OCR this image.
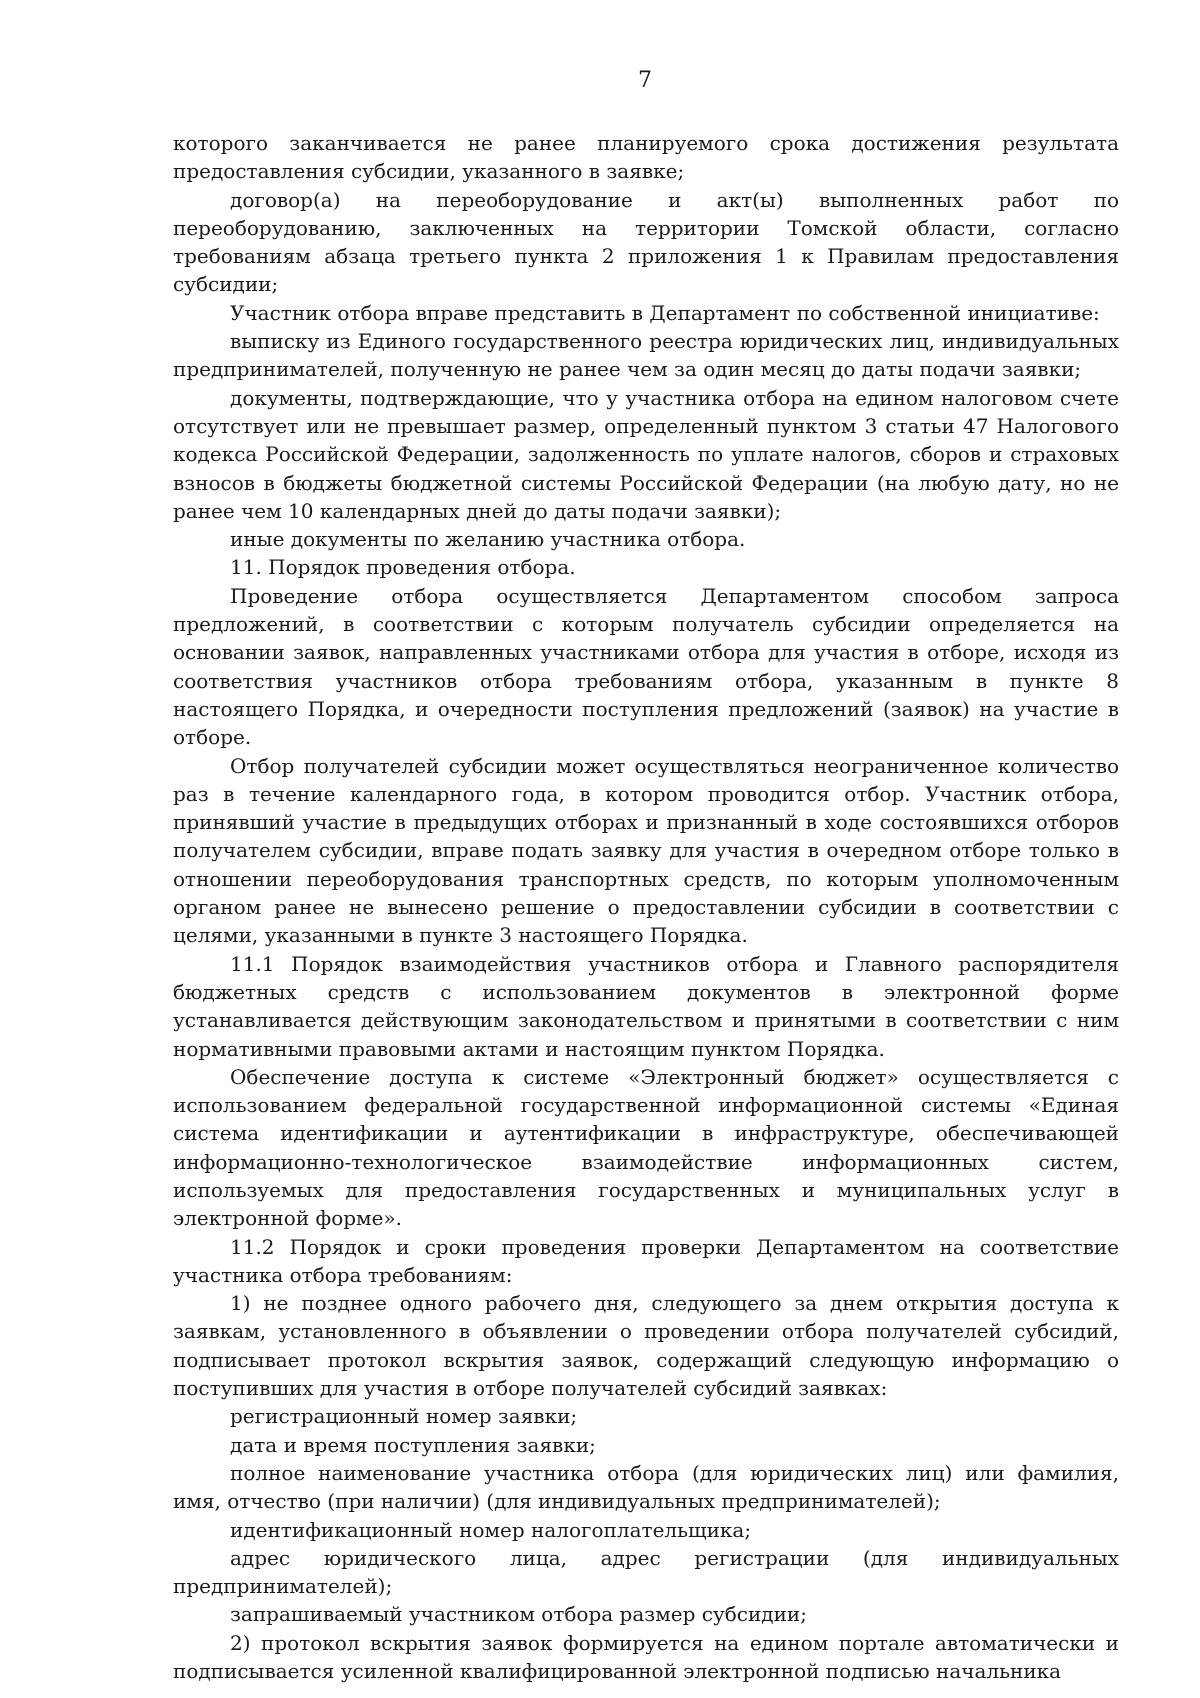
7

которого заканчивается не ранее планируемого срока достижения результата предоставления субсидии, указанного в заявке;

договор(а) на переоборудование и акт(ы) выполненных работ по переоборудованию, заключенных на территории Томской области, согласно требованиям абзаца третьего пункта 2 приложения 1 к Правилам предоставления субсидии;

Участник отбора вправе представить в Департамент по собственной инициативе:

выписку из Единого государственного реестра юридических лиц, индивидуальных предпринимателей, полученную не ранее чем за один месяц до даты подачи заявки;

документы, подтверждающие, что у участника отбора на едином налоговом счете отсутствует или не превышает размер, определенный пунктом 3 статьи 47 Налогового кодекса Российской Федерации, задолженность по уплате налогов, сборов и страховых взносов в бюджеты бюджетной системы Российской Федерации (на любую дату, но не ранее чем 10 календарных дней до даты подачи заявки);

иные документы по желанию участника отбора.

11. Порядок проведения отбора.

Проведение отбора осуществляется Департаментом способом запроса предложений, в соответствии с которым получатель субсидии определяется на основании заявок, направленных участниками отбора для участия в отборе, исходя из соответствия участников отбора требованиям отбора, указанным в пункте 8 настоящего Порядка, и очередности поступления предложений (заявок) на участие в отборе.

Отбор получателей субсидии может осуществляться неограниченное количество раз в течение календарного года, в котором проводится отбор. Участник отбора, принявший участие в предыдущих отборах и признанный в ходе состоявшихся отборов получателем субсидии, вправе подать заявку для участия в очередном отборе только в отношении переоборудования транспортных средств, по которым уполномоченным органом ранее не вынесено решение о предоставлении субсидии в соответствии с целями, указанными в пункте 3 настоящего Порядка.

11.1 Порядок взаимодействия участников отбора и Главного распорядителя бюджетных средств с использованием документов в электронной форме устанавливается действующим законодательством и принятыми в соответствии с ним нормативными правовыми актами и настоящим пунктом Порядка.

Обеспечение доступа к системе «Электронный бюджет» осуществляется с использованием федеральной государственной информационной системы «Единая система идентификации и аутентификации в инфраструктуре, обеспечивающей информационно-технологическое взаимодействие информационных систем, используемых для предоставления государственных и муниципальных услуг в электронной форме».

11.2 Порядок и сроки проведения проверки Департаментом на соответствие участника отбора требованиям:

1) не позднее одного рабочего дня, следующего за днем открытия доступа к заявкам, установленного в объявлении о проведении отбора получателей субсидий, подписывает протокол вскрытия заявок, содержащий следующую информацию о поступивших для участия в отборе получателей субсидий заявках:

регистрационный номер заявки;

дата и время поступления заявки;

полное наименование участника отбора (для юридических лиц) или фамилия, имя, отчество (при наличии) (для индивидуальных предпринимателей);

идентификационный номер налогоплательщика;

адрес юридического лица, адрес регистрации (для индивидуальных предпринимателей);

запрашиваемый участником отбора размер субсидии;

2) протокол вскрытия заявок формируется на едином портале автоматически и подписывается усиленной квалифицированной электронной подписью начальника
